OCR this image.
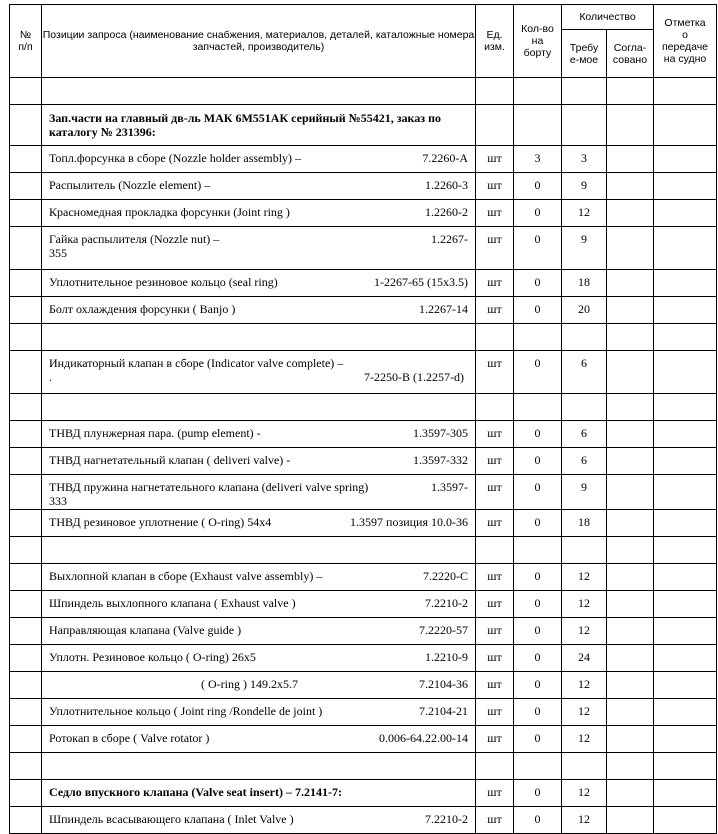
№
п/п	Позиции запроса (наименование снабжения, материалов, деталей, каталожные номера запчастей, производитель)	Ед.
изм.	Кол-во
на
борту	Количество		Отметка
о
передаче
на судно
				Требу
е-мое	Согла-
совано	

	Зап.части на главный дв-ль МАК 6М551АК серийный №55421, заказ по каталогу № 231396:					
	Топл.форсунка в сборе (Nozzle holder assembly) – 7.2260-A	шт	3	3		
	Распылитель (Nozzle element) – 1.2260-3	шт	0	9		
	Красномедная прокладка форсунки (Joint ring ) 1.2260-2	шт	0	12		
	Гайка распылителя (Nozzle nut) – 1.2267-
355	шт	0	9		
	Уплотнительное резиновое кольцо (seal ring) 1-2267-65 (15x3.5)	шт	0	18		
	Болт охлаждения форсунки ( Banjo ) 1.2267-14	шт	0	20		

	Индикаторный клапан в сборе (Indicator valve complete) –
. 7-2250-B (1.2257-d)	шт	0	6		

	ТНВД плунжерная пара. (pump element) - 1.3597-305	шт	0	6		
	ТНВД нагнетательный клапан ( deliveri valve) - 1.3597-332	шт	0	6		
	ТНВД пружина нагнетательного клапана (deliveri valve spring) 1.3597-
333	шт	0	9		
	ТНВД резиновое уплотнение ( O-ring) 54x4 1.3597 позиция 10.0-36	шт	0	18		

	Выхлопной клапан в сборе (Exhaust valve assembly) – 7.2220-C	шт	0	12		
	Шпиндель выхлопного клапана ( Exhaust valve ) 7.2210-2	шт	0	12		
	Направляющая клапана (Valve guide ) 7.2220-57	шт	0	12		
	Уплотн. Резиновое кольцо ( O-ring) 26x5 1.2210-9	шт	0	24		
	( O-ring ) 149.2x5.7 7.2104-36	шт	0	12		
	Уплотнительное кольцо ( Joint ring /Rondelle de joint ) 7.2104-21	шт	0	12		
	Ротокап в сборе ( Valve rotator ) 0.006-64.22.00-14	шт	0	12		

	Седло впускного клапана (Valve seat insert) – 7.2141-7:	шт	0	12		
	Шпиндель всасывающего клапана ( Inlet Valve ) 7.2210-2	шт	0	12		
